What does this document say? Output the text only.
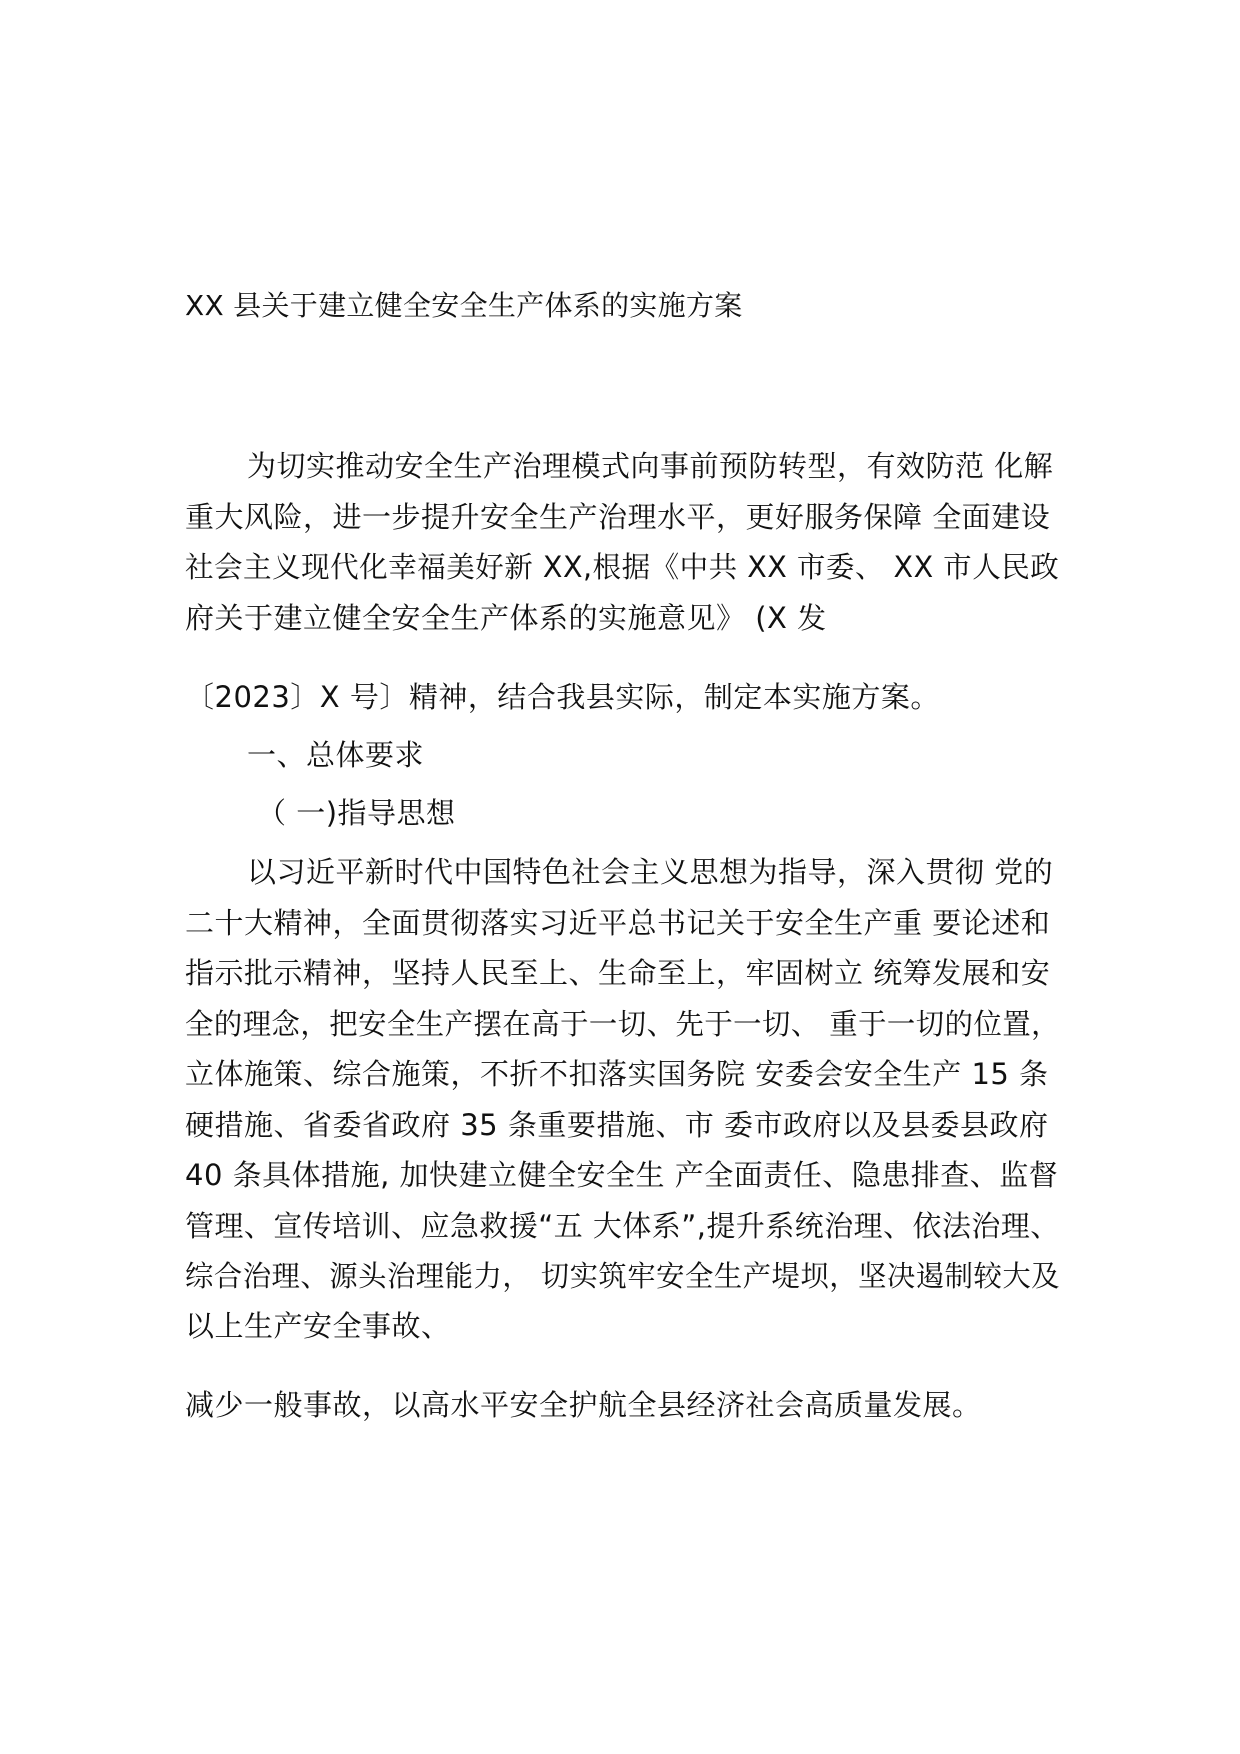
XX 县关于建立健全安全生产体系的实施方案
为切实推动安全生产治理模式向事前预防转型，有效防范 化解
重大风险，进一步提升安全生产治理水平，更好服务保障 全面建设
社会主义现代化幸福美好新 XX,根据《中共 XX 市委、 XX 市人民政
府关于建立健全安全生产体系的实施意见》 (X 发
〔2023〕X 号〕精神，结合我县实际，制定本实施方案。
一、总体要求
（ 一)指导思想
以习近平新时代中国特色社会主义思想为指导，深入贯彻 党的
二十大精神，全面贯彻落实习近平总书记关于安全生产重 要论述和
指示批示精神，坚持人民至上、生命至上，牢固树立 统筹发展和安
全的理念，把安全生产摆在高于一切、先于一切、 重于一切的位置，
立体施策、综合施策，不折不扣落实国务院 安委会安全生产 15 条
硬措施、省委省政府 35 条重要措施、市 委市政府以及县委县政府
40 条具体措施, 加快建立健全安全生 产全面责任、隐患排查、监督
管理、宣传培训、应急救援“五 大体系”,提升系统治理、依法治理、
综合治理、源头治理能力， 切实筑牢安全生产堤坝，坚决遏制较大及
以上生产安全事故、
减少一般事故，以高水平安全护航全县经济社会高质量发展。
